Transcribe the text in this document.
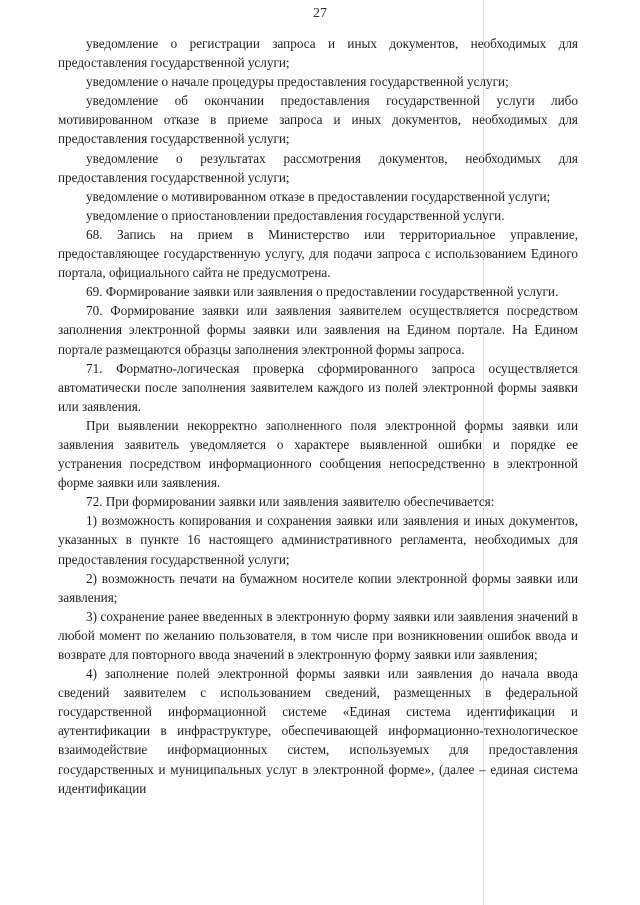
27

уведомление о регистрации запроса и иных документов, необходимых для предоставления государственной услуги;

уведомление о начале процедуры предоставления государственной услуги;

уведомление об окончании предоставления государственной услуги либо мотивированном отказе в приеме запроса и иных документов, необходимых для предоставления государственной услуги;

уведомление о результатах рассмотрения документов, необходимых для предоставления государственной услуги;

уведомление о мотивированном отказе в предоставлении государственной услуги;

уведомление о приостановлении предоставления государственной услуги.

68. Запись на прием в Министерство или территориальное управление, предоставляющее государственную услугу, для подачи запроса с использованием Единого портала, официального сайта не предусмотрена.

69. Формирование заявки или заявления о предоставлении государственной услуги.

70. Формирование заявки или заявления заявителем осуществляется посредством заполнения электронной формы заявки или заявления на Едином портале. На Едином портале размещаются образцы заполнения электронной формы запроса.

71. Форматно-логическая проверка сформированного запроса осуществляется автоматически после заполнения заявителем каждого из полей электронной формы заявки или заявления.

При выявлении некорректно заполненного поля электронной формы заявки или заявления заявитель уведомляется о характере выявленной ошибки и порядке ее устранения посредством информационного сообщения непосредственно в электронной форме заявки или заявления.

72. При формировании заявки или заявления заявителю обеспечивается:

1) возможность копирования и сохранения заявки или заявления и иных документов, указанных в пункте 16 настоящего административного регламента, необходимых для предоставления государственной услуги;

2) возможность печати на бумажном носителе копии электронной формы заявки или заявления;

3) сохранение ранее введенных в электронную форму заявки или заявления значений в любой момент по желанию пользователя, в том числе при возникновении ошибок ввода и возврате для повторного ввода значений в электронную форму заявки или заявления;

4) заполнение полей электронной формы заявки или заявления до начала ввода сведений заявителем с использованием сведений, размещенных в федеральной государственной информационной системе «Единая система идентификации и аутентификации в инфраструктуре, обеспечивающей информационно-технологическое взаимодействие информационных систем, используемых для предоставления государственных и муниципальных услуг в электронной форме», (далее – единая система идентификации
